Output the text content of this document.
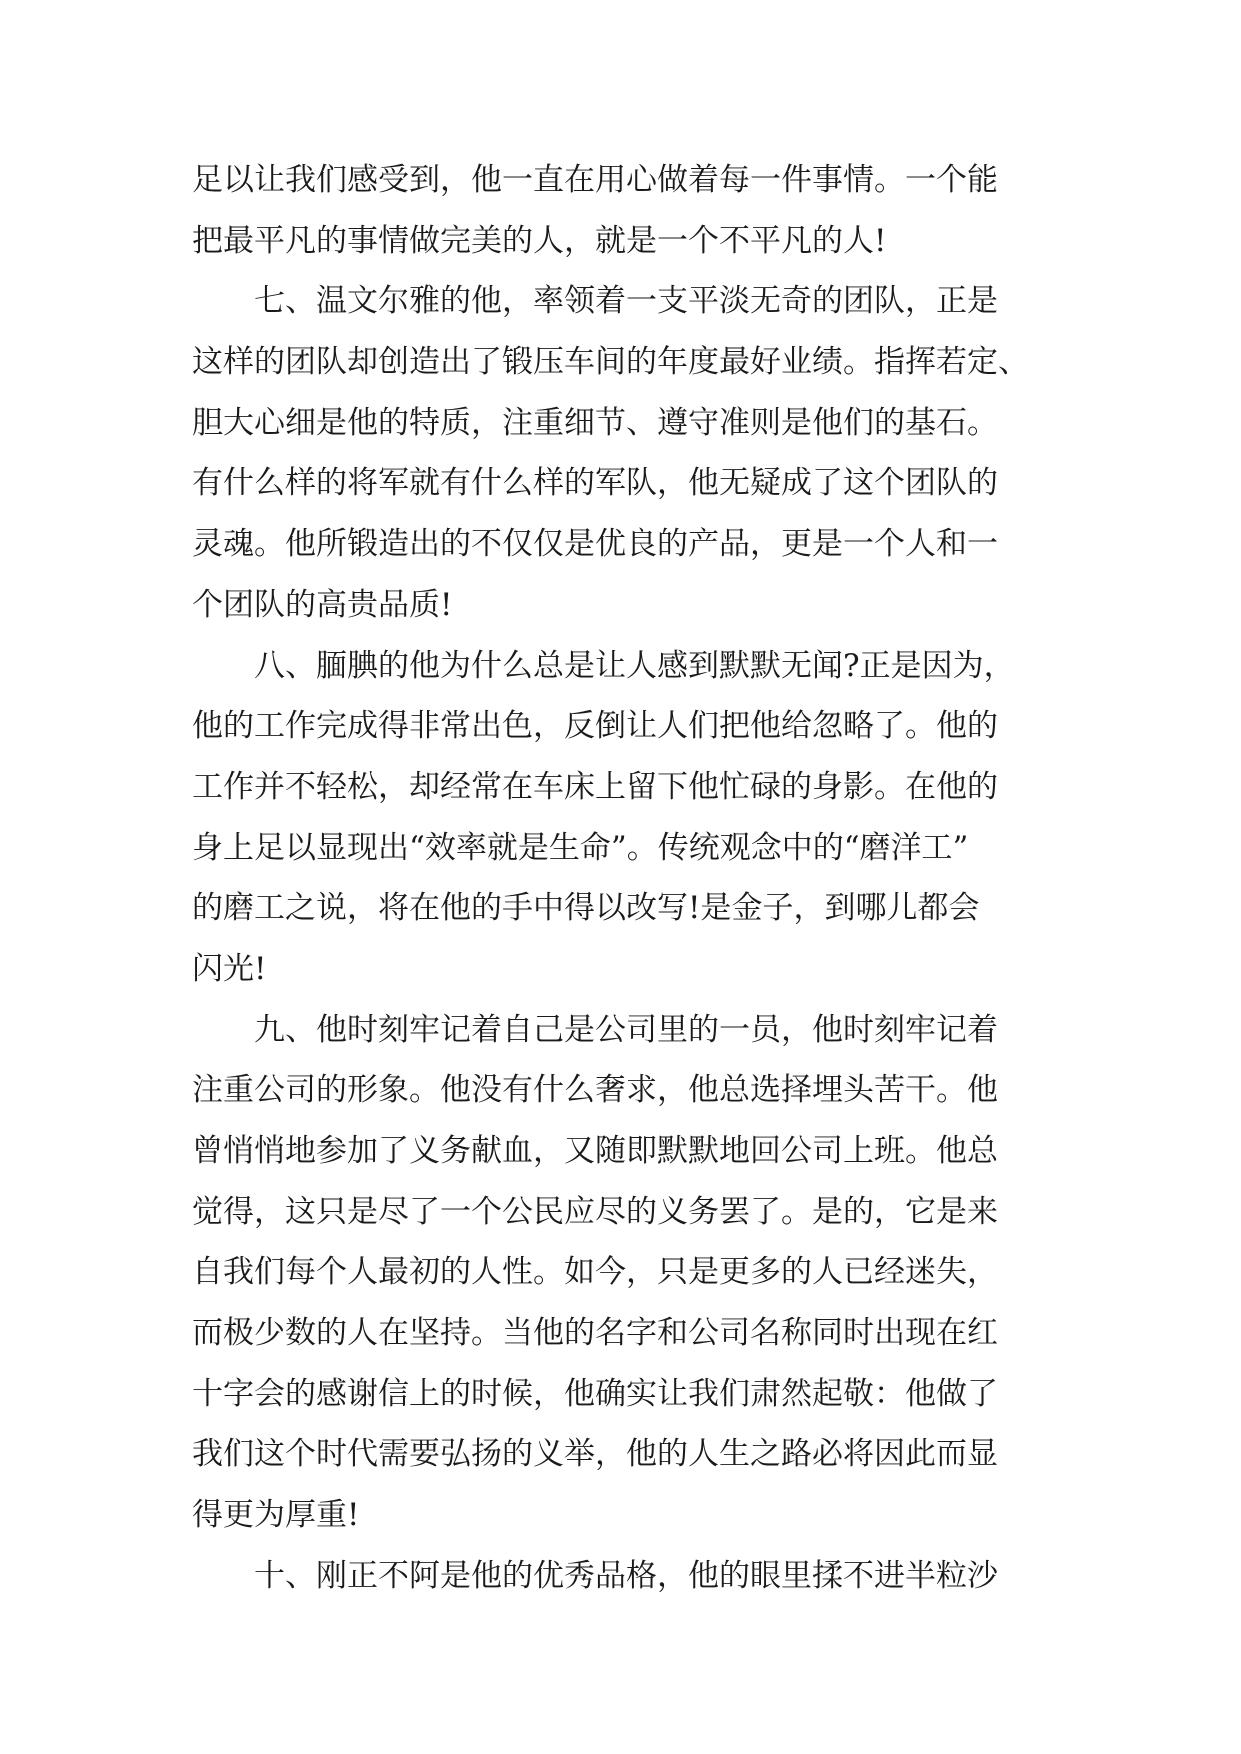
足以让我们感受到，他一直在用心做着每一件事情。一个能
把最平凡的事情做完美的人，就是一个不平凡的人!
七、温文尔雅的他，率领着一支平淡无奇的团队，正是
这样的团队却创造出了锻压车间的年度最好业绩。指挥若定、
胆大心细是他的特质，注重细节、遵守准则是他们的基石。
有什么样的将军就有什么样的军队，他无疑成了这个团队的
灵魂。他所锻造出的不仅仅是优良的产品，更是一个人和一
个团队的高贵品质!
八、腼腆的他为什么总是让人感到默默无闻?正是因为，
他的工作完成得非常出色，反倒让人们把他给忽略了。他的
工作并不轻松，却经常在车床上留下他忙碌的身影。在他的
身上足以显现出“效率就是生命”。传统观念中的“磨洋工”
的磨工之说，将在他的手中得以改写!是金子，到哪儿都会
闪光!
九、他时刻牢记着自己是公司里的一员，他时刻牢记着
注重公司的形象。他没有什么奢求，他总选择埋头苦干。他
曾悄悄地参加了义务献血，又随即默默地回公司上班。他总
觉得，这只是尽了一个公民应尽的义务罢了。是的，它是来
自我们每个人最初的人性。如今，只是更多的人已经迷失，
而极少数的人在坚持。当他的名字和公司名称同时出现在红
十字会的感谢信上的时候，他确实让我们肃然起敬：他做了
我们这个时代需要弘扬的义举，他的人生之路必将因此而显
得更为厚重!
十、刚正不阿是他的优秀品格，他的眼里揉不进半粒沙
